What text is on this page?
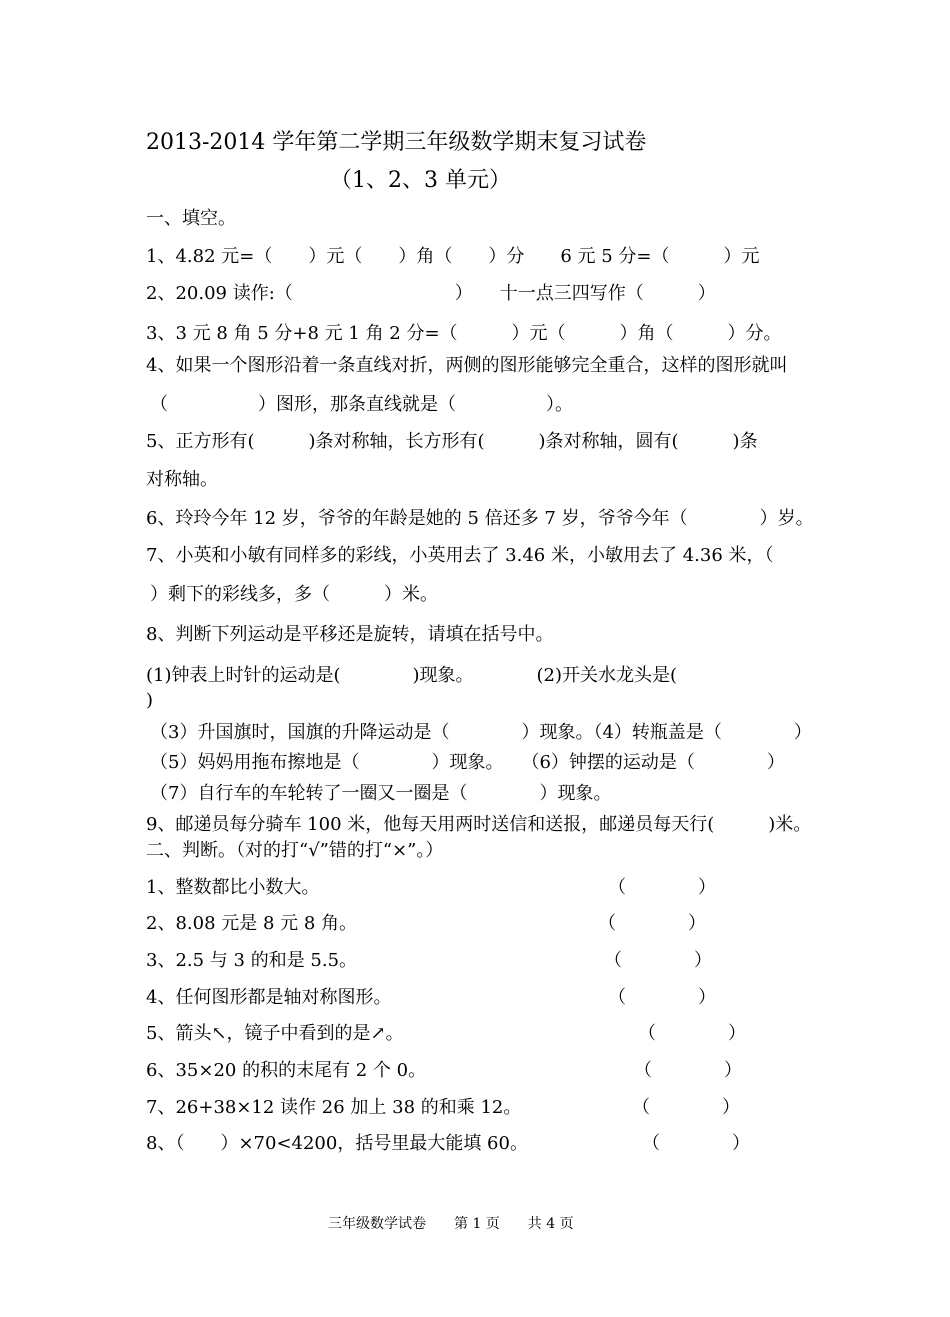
2013-2014 学年第二学期三年级数学期末复习试卷
（1、2、3 单元）
一、填空。
1、4.82 元=（　　）元（　　）角（　　）分　　6 元 5 分=（　　　）元
2、20.09 读作:（　　　　　　　　　）　　十一点三四写作（　　　）
3、3 元 8 角 5 分+8 元 1 角 2 分=（　　　）元（　　　）角（　　　）分。
4、如果一个图形沿着一条直线对折，两侧的图形能够完全重合，这样的图形就叫
（　　　　　）图形，那条直线就是（　　　　　）。
5、正方形有(　　　)条对称轴，长方形有(　　　)条对称轴，圆有(　　　)条
对称轴。
6、玲玲今年 12 岁，爷爷的年龄是她的 5 倍还多 7 岁，爷爷今年（　　　　）岁。
7、小英和小敏有同样多的彩线，小英用去了 3.46 米，小敏用去了 4.36 米，（
）剩下的彩线多，多（　　　）米。
8、判断下列运动是平移还是旋转，请填在括号中。
(1)钟表上时针的运动是(　　　　)现象。　　　　(2)开关水龙头是(
)
（3）升国旗时，国旗的升降运动是（　　　　）现象。（4）转瓶盖是（　　　　）
（5）妈妈用拖布擦地是（　　　　）现象。　　（6）钟摆的运动是（　　　　）
（7）自行车的车轮转了一圈又一圈是（　　　　）现象。
9、邮递员每分骑车 100 米，他每天用两时送信和送报，邮递员每天行(　　　)米。
二、判断。（对的打“√”错的打“×”。）
1、整数都比小数大。	（　　　　）
2、8.08 元是 8 元 8 角。	（　　　　）
3、2.5 与 3 的和是 5.5。	（　　　　）
4、任何图形都是轴对称图形。	（　　　　）
5、箭头↖，镜子中看到的是↗。	（　　　　）
6、35×20 的积的末尾有 2 个 0。	（　　　　）
7、26+38×12 读作 26 加上 38 的和乘 12。	（　　　　）
8、（　　）×70<4200，括号里最大能填 60。	（　　　　）
三年级数学试卷　　第 1 页　　共 4 页
